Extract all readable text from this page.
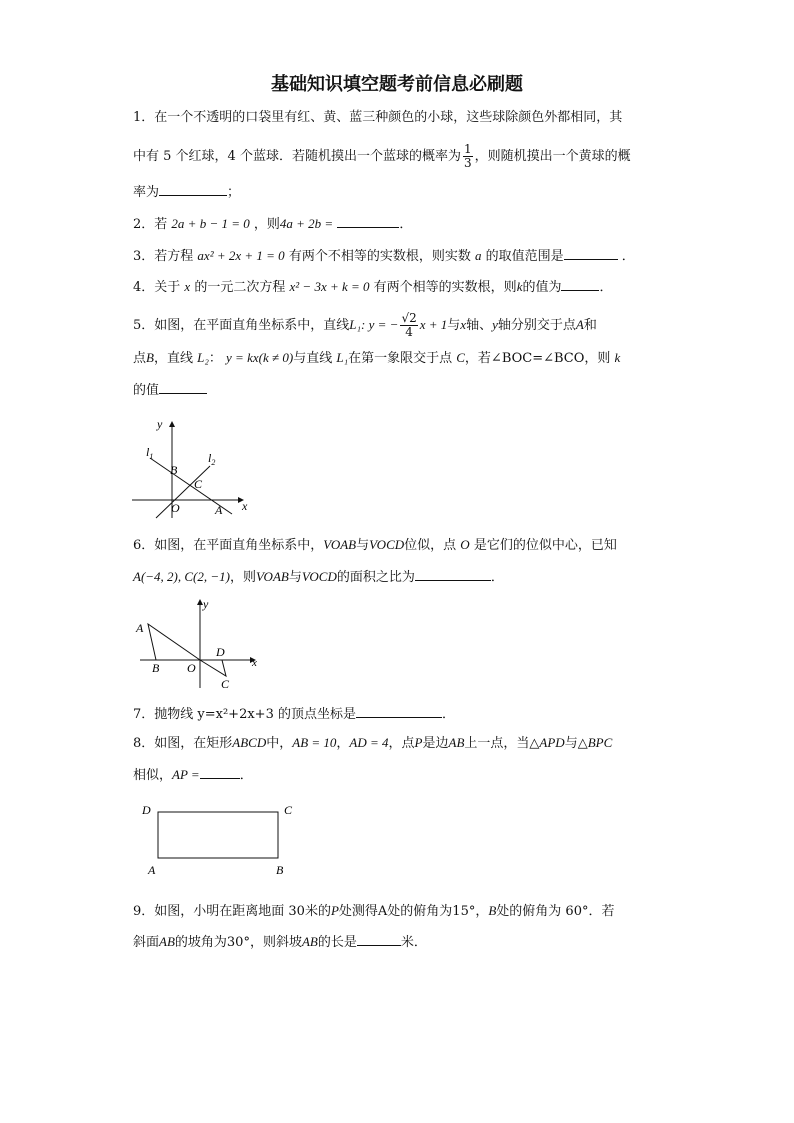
基础知识填空题考前信息必刷题
1．在一个不透明的口袋里有红、黄、蓝三种颜色的小球，这些球除颜色外都相同，其
中有 5 个红球，4 个蓝球．若随机摸出一个蓝球的概率为 $\frac{1}{3}$ ，则随机摸出一个黄球的概
率为	；
2．若 2a + b − 1 = 0 ，则4a + 2b =	．
3．若方程 ax² + 2x + 1 = 0 有两个不相等的实数根，则实数 a 的取值范围是	．
4．关于 x 的一元二次方程 x² − 3x + k = 0 有两个相等的实数根，则k的值为	．
5．如图，在平面直角坐标系中，直线L₁: y = − $\frac{√2}{4}$ x + 1与x轴、y轴分别交于点A和
点B，直线 L₂： y = kx(k ≠ 0)与直线 L₁在第一象限交于点 C，若∠BOC=∠BCO，则 k
的值
y
x
$l_1$	$l_2$
B
C
O	A
6．如图，在平面直角坐标系中，VOAB与VOCD位似，点 O 是它们的位似中心，已知
A(−4, 2), C(2, −1)，则VOAB与VOCD的面积之比为	．
y
x
A
B O
D
C
7．抛物线 y=x²+2x+3 的顶点坐标是	．
8．如图，在矩形ABCD中，AB = 10，AD = 4，点P是边AB上一点，当△APD与△BPC
相似，AP =	．
D	C
A	B
9．如图，小明在距离地面 30米的P处测得A处的俯角为15°，B处的俯角为 60°．若
斜面AB的坡角为30°，则斜坡AB的长是	米．
